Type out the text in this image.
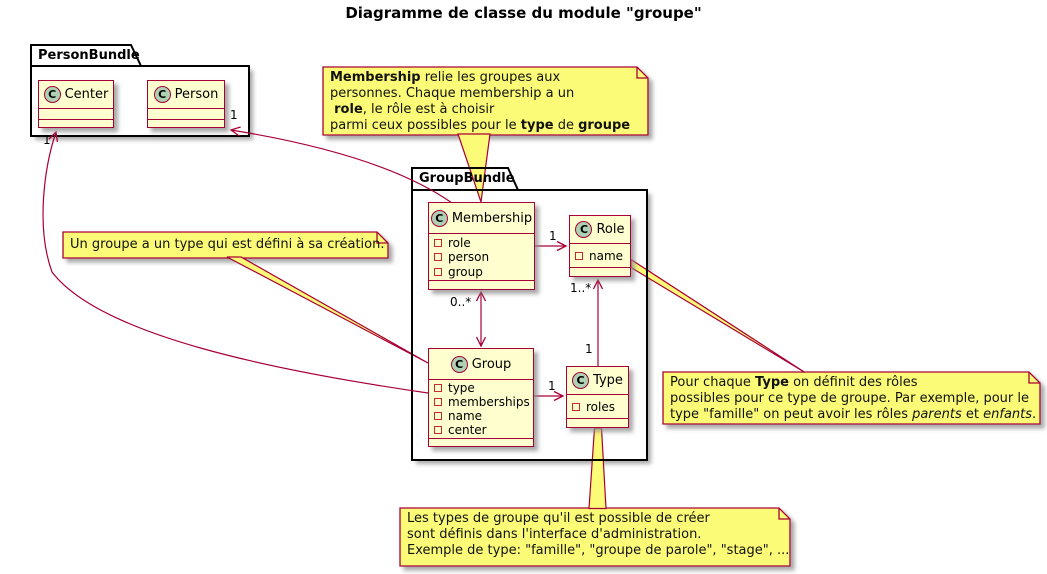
Diagramme de classe du module "groupe"
PersonBundle
GroupBundle
C Center	C Person
C Membership
role
person
group
C Role
name
C Group
type
memberships
name
center
C Type
roles
Membership relie les groupes aux
personnes. Chaque membership a un
role, le rôle est à choisir
parmi ceux possibles pour le type de groupe
Un groupe a un type qui est défini à sa création.
Pour chaque Type on définit des rôles
possibles pour ce type de groupe. Par exemple, pour le
type "famille" on peut avoir les rôles parents et enfants.
Les types de groupe qu'il est possible de créer
sont définis dans l'interface d'administration.
Exemple de type: "famille", "groupe de parole", "stage", ...
1
1
1
0..*
1
1
1..*
